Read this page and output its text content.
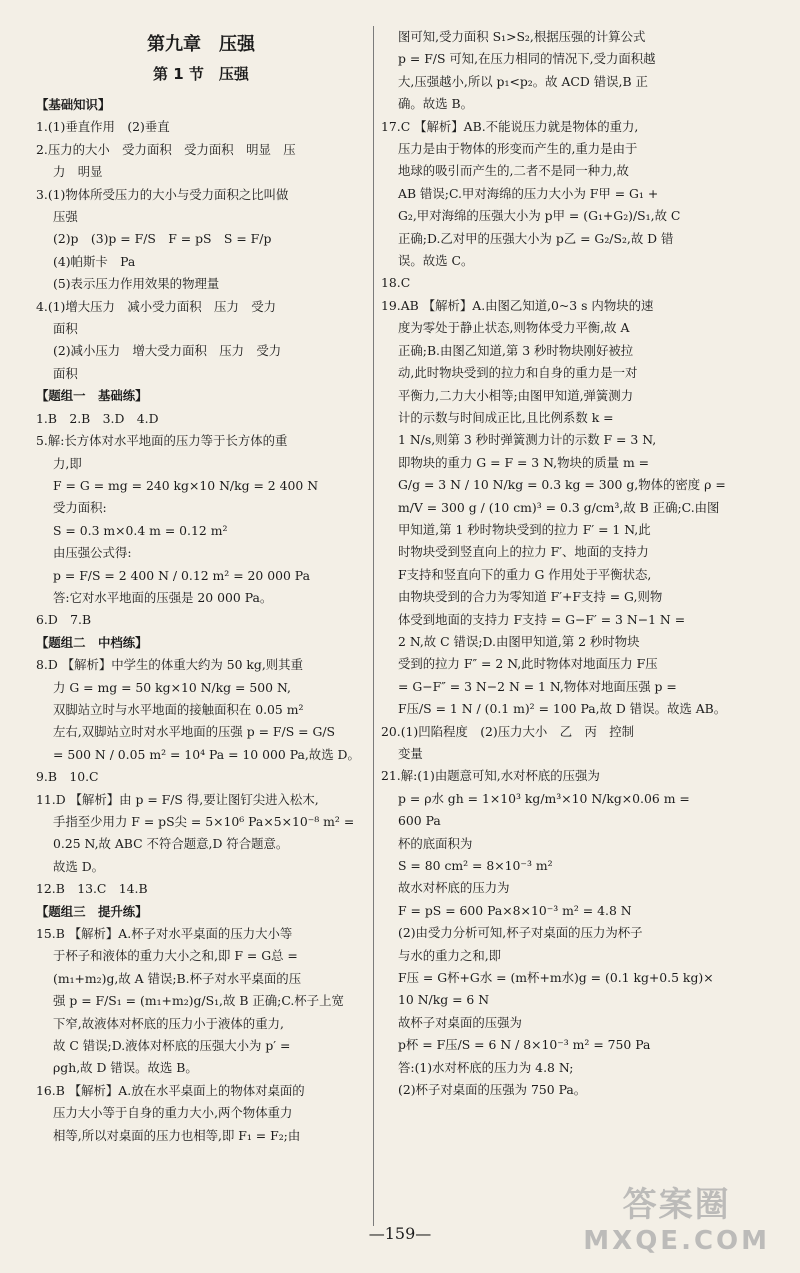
第九章　压强
第 1 节　压强
【基础知识】
1.(1)垂直作用　(2)垂直
2.压力的大小　受力面积　受力面积　明显　压
力　明显
3.(1)物体所受压力的大小与受力面积之比叫做
压强
(2)p　(3)p = F/S　F = pS　S = F/p
(4)帕斯卡　Pa
(5)表示压力作用效果的物理量
4.(1)增大压力　减小受力面积　压力　受力
面积
(2)减小压力　增大受力面积　压力　受力
面积
【题组一　基础练】
1.B　2.B　3.D　4.D
5.解:长方体对水平地面的压力等于长方体的重
力,即
F = G = mg = 240 kg×10 N/kg = 2 400 N
受力面积:
S = 0.3 m×0.4 m = 0.12 m²
由压强公式得:
p = F/S = 2 400 N / 0.12 m² = 20 000 Pa
答:它对水平地面的压强是 20 000 Pa。
6.D　7.B
【题组二　中档练】
8.D 【解析】中学生的体重大约为 50 kg,则其重
力 G = mg = 50 kg×10 N/kg = 500 N,
双脚站立时与水平地面的接触面积在 0.05 m²
左右,双脚站立时对水平地面的压强 p = F/S = G/S
= 500 N / 0.05 m² = 10⁴ Pa = 10 000 Pa,故选 D。
9.B　10.C
11.D 【解析】由 p = F/S 得,要让图钉尖进入松木,
手指至少用力 F = pS尖 = 5×10⁶ Pa×5×10⁻⁸ m² =
0.25 N,故 ABC 不符合题意,D 符合题意。
故选 D。
12.B　13.C　14.B
【题组三　提升练】
15.B 【解析】A.杯子对水平桌面的压力大小等
于杯子和液体的重力大小之和,即 F = G总 =
(m₁+m₂)g,故 A 错误;B.杯子对水平桌面的压
强 p = F/S₁ = (m₁+m₂)g/S₁,故 B 正确;C.杯子上宽
下窄,故液体对杯底的压力小于液体的重力,
故 C 错误;D.液体对杯底的压强大小为 p′ =
ρgh,故 D 错误。故选 B。
16.B 【解析】A.放在水平桌面上的物体对桌面的
压力大小等于自身的重力大小,两个物体重力
相等,所以对桌面的压力也相等,即 F₁ = F₂;由
图可知,受力面积 S₁>S₂,根据压强的计算公式
p = F/S 可知,在压力相同的情况下,受力面积越
大,压强越小,所以 p₁<p₂。故 ACD 错误,B 正
确。故选 B。
17.C 【解析】AB.不能说压力就是物体的重力,
压力是由于物体的形变而产生的,重力是由于
地球的吸引而产生的,二者不是同一种力,故
AB 错误;C.甲对海绵的压力大小为 F甲 = G₁ +
G₂,甲对海绵的压强大小为 p甲 = (G₁+G₂)/S₁,故 C
正确;D.乙对甲的压强大小为 p乙 = G₂/S₂,故 D 错
误。故选 C。
18.C
19.AB 【解析】A.由图乙知道,0~3 s 内物块的速
度为零处于静止状态,则物体受力平衡,故 A
正确;B.由图乙知道,第 3 秒时物块刚好被拉
动,此时物块受到的拉力和自身的重力是一对
平衡力,二力大小相等;由图甲知道,弹簧测力
计的示数与时间成正比,且比例系数 k =
1 N/s,则第 3 秒时弹簧测力计的示数 F = 3 N,
即物块的重力 G = F = 3 N,物块的质量 m =
G/g = 3 N / 10 N/kg = 0.3 kg = 300 g,物体的密度 ρ =
m/V = 300 g / (10 cm)³ = 0.3 g/cm³,故 B 正确;C.由图
甲知道,第 1 秒时物块受到的拉力 F′ = 1 N,此
时物块受到竖直向上的拉力 F′、地面的支持力
F支持和竖直向下的重力 G 作用处于平衡状态,
由物块受到的合力为零知道 F′+F支持 = G,则物
体受到地面的支持力 F支持 = G−F′ = 3 N−1 N =
2 N,故 C 错误;D.由图甲知道,第 2 秒时物块
受到的拉力 F″ = 2 N,此时物体对地面压力 F压
= G−F″ = 3 N−2 N = 1 N,物体对地面压强 p =
F压/S = 1 N / (0.1 m)² = 100 Pa,故 D 错误。故选 AB。
20.(1)凹陷程度　(2)压力大小　乙　丙　控制
变量
21.解:(1)由题意可知,水对杯底的压强为
p = ρ水 gh = 1×10³ kg/m³×10 N/kg×0.06 m =
600 Pa
杯的底面积为
S = 80 cm² = 8×10⁻³ m²
故水对杯底的压力为
F = pS = 600 Pa×8×10⁻³ m² = 4.8 N
(2)由受力分析可知,杯子对桌面的压力为杯子
与水的重力之和,即
F压 = G杯+G水 = (m杯+m水)g = (0.1 kg+0.5 kg)×
10 N/kg = 6 N
故杯子对桌面的压强为
p杯 = F压/S = 6 N / 8×10⁻³ m² = 750 Pa
答:(1)水对杯底的压力为 4.8 N;
(2)杯子对桌面的压强为 750 Pa。
—159—
答案圈
MXQE.COM
